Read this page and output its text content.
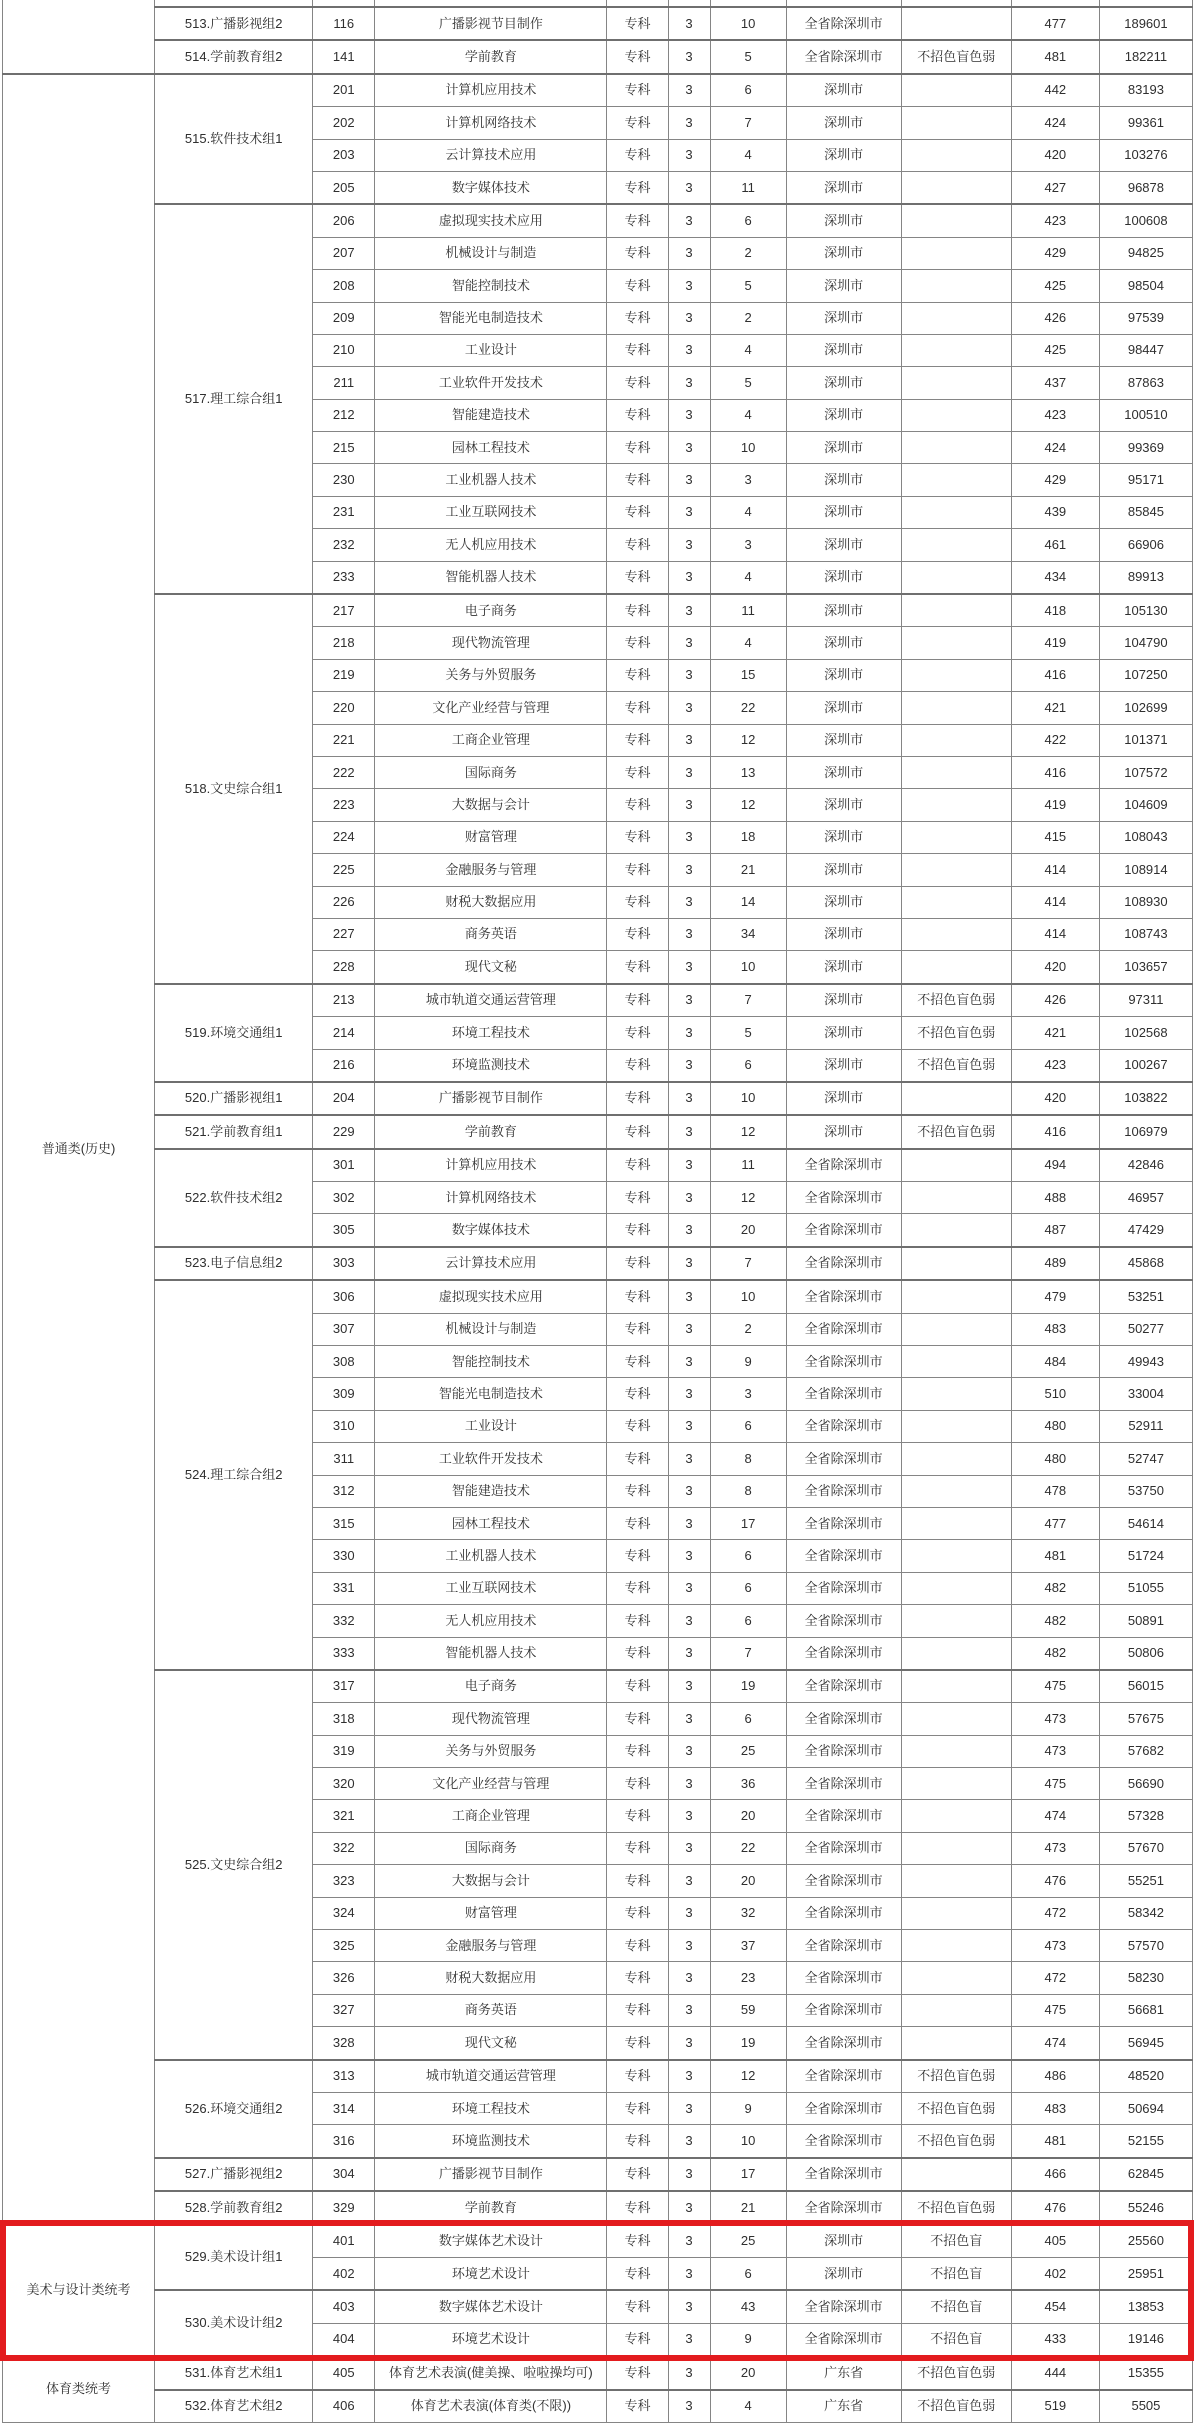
	513.广播影视组2	116	广播影视节目制作	专科	3	10	全省除深圳市		477	189601
	514.学前教育组2	141	学前教育	专科	3	5	全省除深圳市	不招色盲色弱	481	182211
普通类(历史)	515.软件技术组1	201	计算机应用技术	专科	3	6	深圳市		442	83193
		202	计算机网络技术	专科	3	7	深圳市		424	99361
		203	云计算技术应用	专科	3	4	深圳市		420	103276
		205	数字媒体技术	专科	3	11	深圳市		427	96878
	517.理工综合组1	206	虚拟现实技术应用	专科	3	6	深圳市		423	100608
		207	机械设计与制造	专科	3	2	深圳市		429	94825
		208	智能控制技术	专科	3	5	深圳市		425	98504
		209	智能光电制造技术	专科	3	2	深圳市		426	97539
		210	工业设计	专科	3	4	深圳市		425	98447
		211	工业软件开发技术	专科	3	5	深圳市		437	87863
		212	智能建造技术	专科	3	4	深圳市		423	100510
		215	园林工程技术	专科	3	10	深圳市		424	99369
		230	工业机器人技术	专科	3	3	深圳市		429	95171
		231	工业互联网技术	专科	3	4	深圳市		439	85845
		232	无人机应用技术	专科	3	3	深圳市		461	66906
		233	智能机器人技术	专科	3	4	深圳市		434	89913
	518.文史综合组1	217	电子商务	专科	3	11	深圳市		418	105130
		218	现代物流管理	专科	3	4	深圳市		419	104790
		219	关务与外贸服务	专科	3	15	深圳市		416	107250
		220	文化产业经营与管理	专科	3	22	深圳市		421	102699
		221	工商企业管理	专科	3	12	深圳市		422	101371
		222	国际商务	专科	3	13	深圳市		416	107572
		223	大数据与会计	专科	3	12	深圳市		419	104609
		224	财富管理	专科	3	18	深圳市		415	108043
		225	金融服务与管理	专科	3	21	深圳市		414	108914
		226	财税大数据应用	专科	3	14	深圳市		414	108930
		227	商务英语	专科	3	34	深圳市		414	108743
		228	现代文秘	专科	3	10	深圳市		420	103657
	519.环境交通组1	213	城市轨道交通运营管理	专科	3	7	深圳市	不招色盲色弱	426	97311
		214	环境工程技术	专科	3	5	深圳市	不招色盲色弱	421	102568
		216	环境监测技术	专科	3	6	深圳市	不招色盲色弱	423	100267
	520.广播影视组1	204	广播影视节目制作	专科	3	10	深圳市		420	103822
	521.学前教育组1	229	学前教育	专科	3	12	深圳市	不招色盲色弱	416	106979
	522.软件技术组2	301	计算机应用技术	专科	3	11	全省除深圳市		494	42846
		302	计算机网络技术	专科	3	12	全省除深圳市		488	46957
		305	数字媒体技术	专科	3	20	全省除深圳市		487	47429
	523.电子信息组2	303	云计算技术应用	专科	3	7	全省除深圳市		489	45868
	524.理工综合组2	306	虚拟现实技术应用	专科	3	10	全省除深圳市		479	53251
		307	机械设计与制造	专科	3	2	全省除深圳市		483	50277
		308	智能控制技术	专科	3	9	全省除深圳市		484	49943
		309	智能光电制造技术	专科	3	3	全省除深圳市		510	33004
		310	工业设计	专科	3	6	全省除深圳市		480	52911
		311	工业软件开发技术	专科	3	8	全省除深圳市		480	52747
		312	智能建造技术	专科	3	8	全省除深圳市		478	53750
		315	园林工程技术	专科	3	17	全省除深圳市		477	54614
		330	工业机器人技术	专科	3	6	全省除深圳市		481	51724
		331	工业互联网技术	专科	3	6	全省除深圳市		482	51055
		332	无人机应用技术	专科	3	6	全省除深圳市		482	50891
		333	智能机器人技术	专科	3	7	全省除深圳市		482	50806
	525.文史综合组2	317	电子商务	专科	3	19	全省除深圳市		475	56015
		318	现代物流管理	专科	3	6	全省除深圳市		473	57675
		319	关务与外贸服务	专科	3	25	全省除深圳市		473	57682
		320	文化产业经营与管理	专科	3	36	全省除深圳市		475	56690
		321	工商企业管理	专科	3	20	全省除深圳市		474	57328
		322	国际商务	专科	3	22	全省除深圳市		473	57670
		323	大数据与会计	专科	3	20	全省除深圳市		476	55251
		324	财富管理	专科	3	32	全省除深圳市		472	58342
		325	金融服务与管理	专科	3	37	全省除深圳市		473	57570
		326	财税大数据应用	专科	3	23	全省除深圳市		472	58230
		327	商务英语	专科	3	59	全省除深圳市		475	56681
		328	现代文秘	专科	3	19	全省除深圳市		474	56945
	526.环境交通组2	313	城市轨道交通运营管理	专科	3	12	全省除深圳市	不招色盲色弱	486	48520
		314	环境工程技术	专科	3	9	全省除深圳市	不招色盲色弱	483	50694
		316	环境监测技术	专科	3	10	全省除深圳市	不招色盲色弱	481	52155
	527.广播影视组2	304	广播影视节目制作	专科	3	17	全省除深圳市		466	62845
	528.学前教育组2	329	学前教育	专科	3	21	全省除深圳市	不招色盲色弱	476	55246
美术与设计类统考	529.美术设计组1	401	数字媒体艺术设计	专科	3	25	深圳市	不招色盲	405	25560
		402	环境艺术设计	专科	3	6	深圳市	不招色盲	402	25951
	530.美术设计组2	403	数字媒体艺术设计	专科	3	43	全省除深圳市	不招色盲	454	13853
		404	环境艺术设计	专科	3	9	全省除深圳市	不招色盲	433	19146
体育类统考	531.体育艺术组1	405	体育艺术表演(健美操、啦啦操均可)	专科	3	20	广东省	不招色盲色弱	444	15355
	532.体育艺术组2	406	体育艺术表演(体育类(不限))	专科	3	4	广东省	不招色盲色弱	519	5505
